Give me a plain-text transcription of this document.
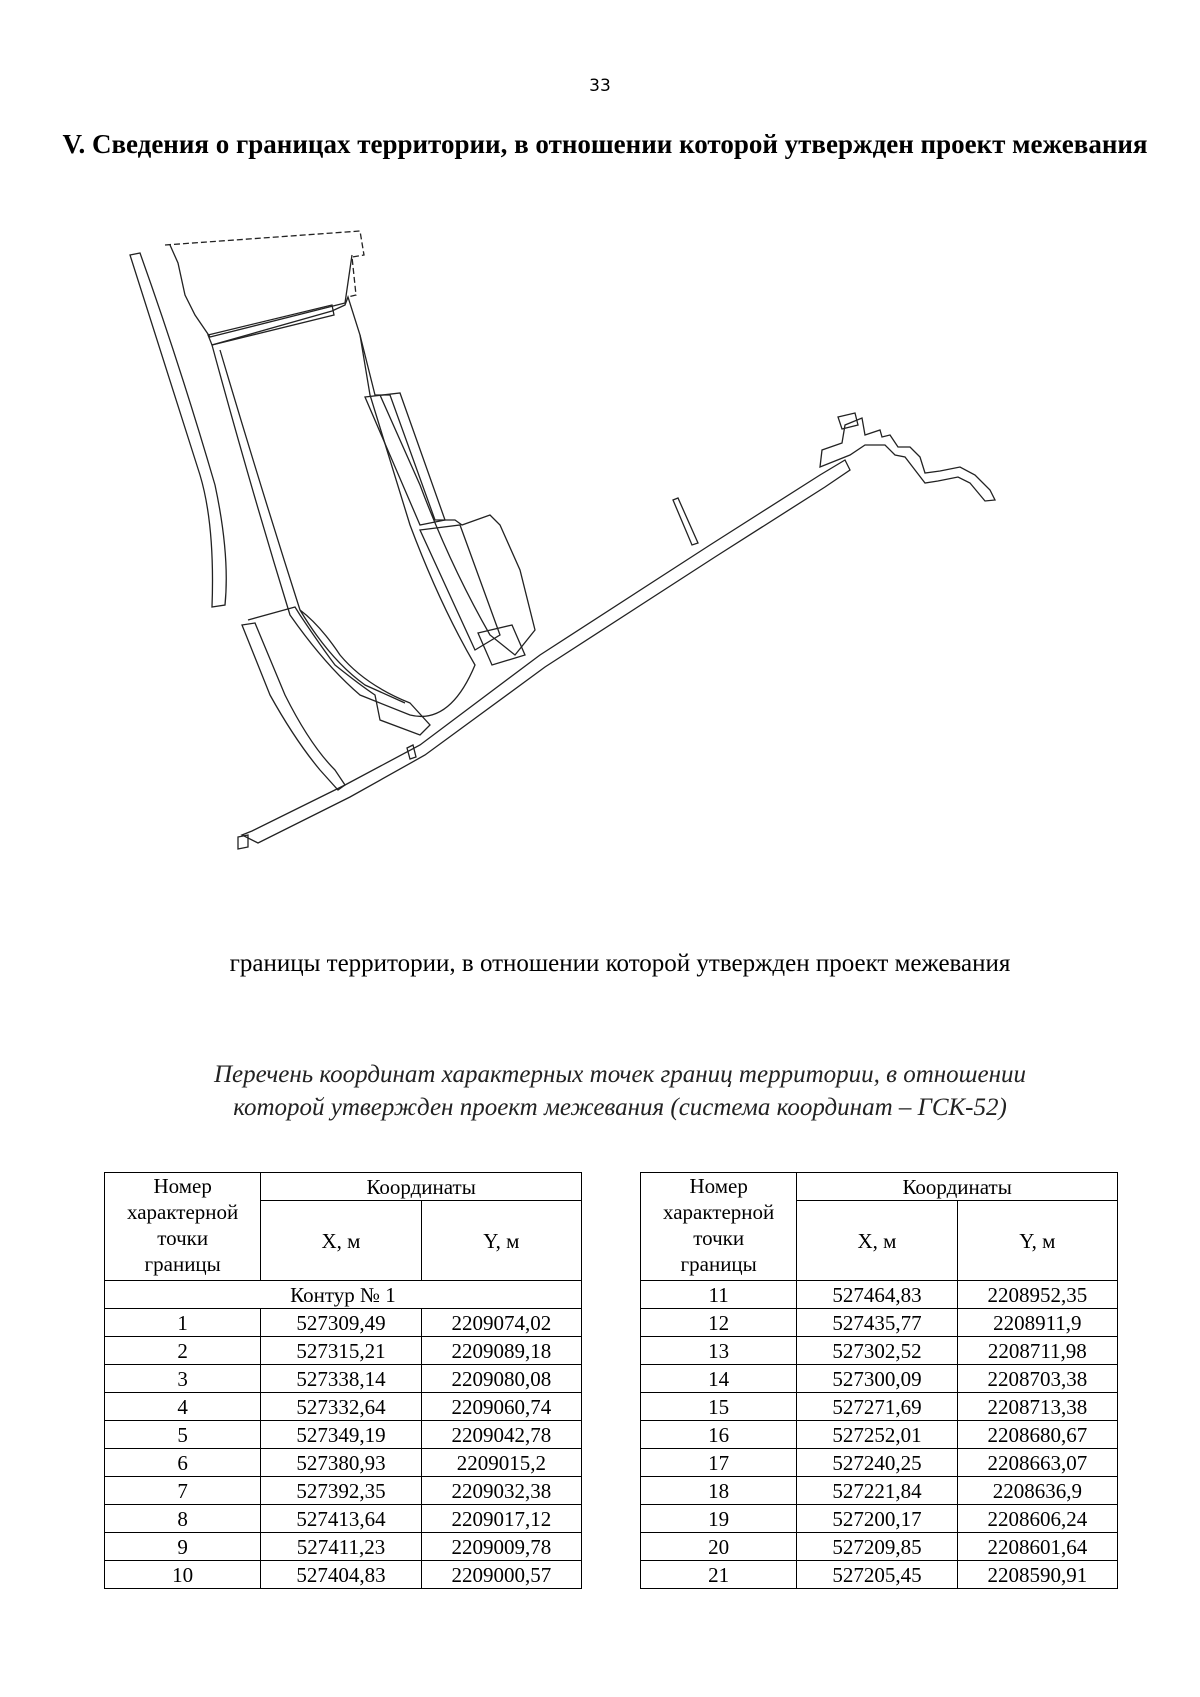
33
V. Сведения о границах территории, в отношении которой утвержден проект межевания
границы территории, в отношении которой утвержден проект межевания
Перечень координат характерных точек границ территории, в отношении
которой утвержден проект межевания (система координат – ГСК-52)
Номер
характерной
точки
границы	Координаты	
	X, м	Y, м
Контур № 1		
1	527309,49	2209074,02
2	527315,21	2209089,18
3	527338,14	2209080,08
4	527332,64	2209060,74
5	527349,19	2209042,78
6	527380,93	2209015,2
7	527392,35	2209032,38
8	527413,64	2209017,12
9	527411,23	2209009,78
10	527404,83	2209000,57
Номер
характерной
точки
границы	Координаты	
	X, м	Y, м
11	527464,83	2208952,35
12	527435,77	2208911,9
13	527302,52	2208711,98
14	527300,09	2208703,38
15	527271,69	2208713,38
16	527252,01	2208680,67
17	527240,25	2208663,07
18	527221,84	2208636,9
19	527200,17	2208606,24
20	527209,85	2208601,64
21	527205,45	2208590,91
